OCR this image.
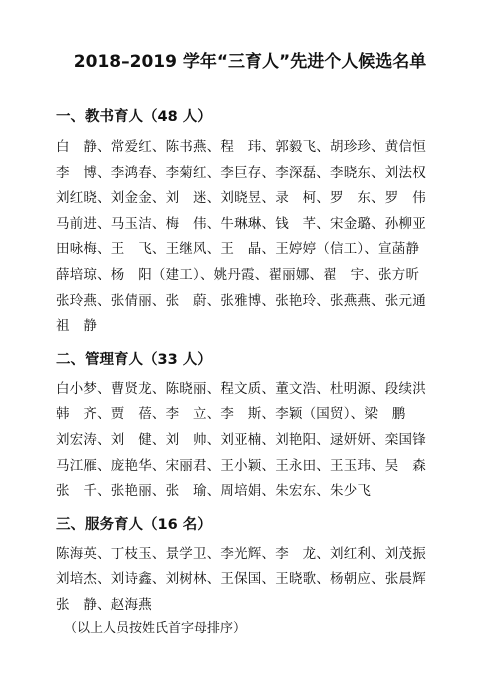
2018–2019 学年“三育人”先进个人候选名单
一、教书育人（48 人）
白　静、常爱红、陈书燕、程　玮、郭毅飞、胡珍珍、黄信恒
李　博、李鸿春、李菊红、李巨存、李深磊、李晓东、刘法权
刘红晓、刘金金、刘　迷、刘晓昱、录　柯、罗　东、罗　伟
马前进、马玉洁、梅　伟、牛琳琳、钱　芊、宋金璐、孙柳亚
田咏梅、王　飞、王继风、王　晶、王婷婷（信工）、宣菡静
薛培琼、杨　阳（建工）、姚丹霞、翟丽娜、翟　宇、张方昕
张玲燕、张倩丽、张　蔚、张雅博、张艳玲、张燕燕、张元通
祖　静
二、管理育人（33 人）
白小梦、曹贤龙、陈晓丽、程文质、董文浩、杜明源、段续洪
韩　齐、贾　蓓、李　立、李　斯、李颖（国贸）、梁　鹏
刘宏涛、刘　健、刘　帅、刘亚楠、刘艳阳、逯妍妍、栾国锋
马江雁、庞艳华、宋丽君、王小颖、王永田、王玉玮、吴　森
张　千、张艳丽、张　瑜、周培娟、朱宏东、朱少飞
三、服务育人（16 名）
陈海英、丁枝玉、景学卫、李光辉、李　龙、刘红利、刘茂振
刘培杰、刘诗鑫、刘树林、王保国、王晓歌、杨朝应、张晨辉
张　静、赵海燕
（以上人员按姓氏首字母排序）
